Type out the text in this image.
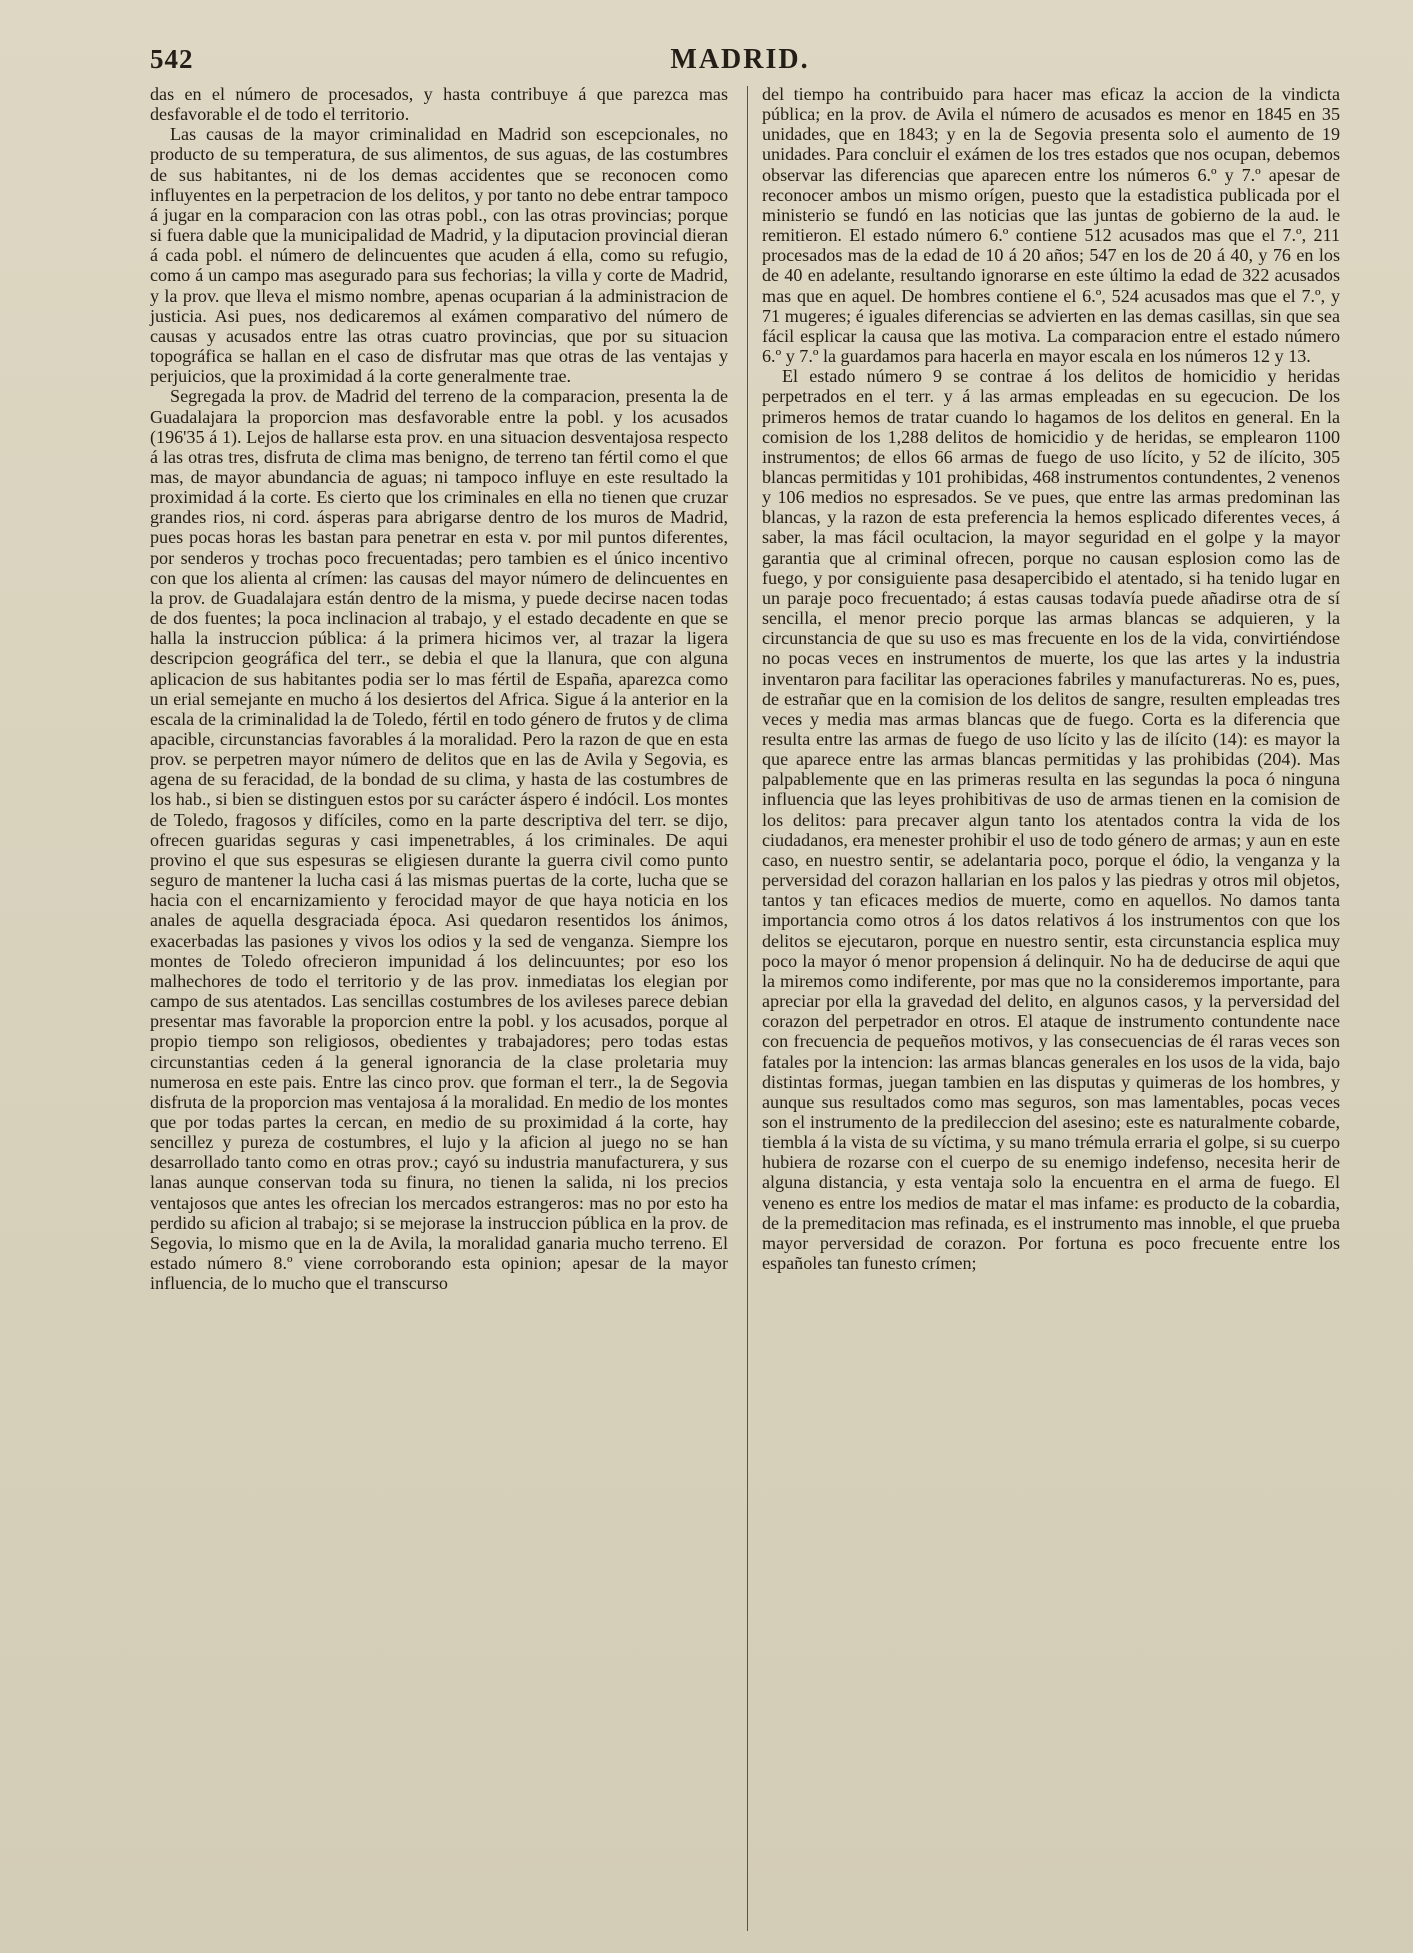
542	MADRID.

das en el número de procesados, y hasta contribuye á que parezca mas desfavorable el de todo el territorio.

Las causas de la mayor criminalidad en Madrid son escepcionales, no producto de su temperatura, de sus alimentos, de sus aguas, de las costumbres de sus habitantes, ni de los demas accidentes que se reconocen como influyentes en la perpetracion de los delitos, y por tanto no debe entrar tampoco á jugar en la comparacion con las otras pobl., con las otras provincias; porque si fuera dable que la municipalidad de Madrid, y la diputacion provincial dieran á cada pobl. el número de delincuentes que acuden á ella, como su refugio, como á un campo mas asegurado para sus fechorias; la villa y corte de Madrid, y la prov. que lleva el mismo nombre, apenas ocuparian á la administracion de justicia. Asi pues, nos dedicaremos al exámen comparativo del número de causas y acusados entre las otras cuatro provincias, que por su situacion topográfica se hallan en el caso de disfrutar mas que otras de las ventajas y perjuicios, que la proximidad á la corte generalmente trae.

Segregada la prov. de Madrid del terreno de la comparacion, presenta la de Guadalajara la proporcion mas desfavorable entre la pobl. y los acusados (196'35 á 1). Lejos de hallarse esta prov. en una situacion desventajosa respecto á las otras tres, disfruta de clima mas benigno, de terreno tan fértil como el que mas, de mayor abundancia de aguas; ni tampoco influye en este resultado la proximidad á la corte. Es cierto que los criminales en ella no tienen que cruzar grandes rios, ni cord. ásperas para abrigarse dentro de los muros de Madrid, pues pocas horas les bastan para penetrar en esta v. por mil puntos diferentes, por senderos y trochas poco frecuentadas; pero tambien es el único incentivo con que los alienta al crímen: las causas del mayor número de delincuentes en la prov. de Guadalajara están dentro de la misma, y puede decirse nacen todas de dos fuentes; la poca inclinacion al trabajo, y el estado decadente en que se halla la instruccion pública: á la primera hicimos ver, al trazar la ligera descripcion geográfica del terr., se debia el que la llanura, que con alguna aplicacion de sus habitantes podia ser lo mas fértil de España, aparezca como un erial semejante en mucho á los desiertos del Africa. Sigue á la anterior en la escala de la criminalidad la de Toledo, fértil en todo género de frutos y de clima apacible, circunstancias favorables á la moralidad. Pero la razon de que en esta prov. se perpetren mayor número de delitos que en las de Avila y Segovia, es agena de su feracidad, de la bondad de su clima, y hasta de las costumbres de los hab., si bien se distinguen estos por su carácter áspero é indócil. Los montes de Toledo, fragosos y difíciles, como en la parte descriptiva del terr. se dijo, ofrecen guaridas seguras y casi impenetrables, á los criminales. De aqui provino el que sus espesuras se eligiesen durante la guerra civil como punto seguro de mantener la lucha casi á las mismas puertas de la corte, lucha que se hacia con el encarnizamiento y ferocidad mayor de que haya noticia en los anales de aquella desgraciada época. Asi quedaron resentidos los ánimos, exacerbadas las pasiones y vivos los odios y la sed de venganza. Siempre los montes de Toledo ofrecieron impunidad á los delincuuntes; por eso los malhechores de todo el territorio y de las prov. inmediatas los elegian por campo de sus atentados. Las sencillas costumbres de los avileses parece debian presentar mas favorable la proporcion entre la pobl. y los acusados, porque al propio tiempo son religiosos, obedientes y trabajadores; pero todas estas circunstantias ceden á la general ignorancia de la clase proletaria muy numerosa en este pais. Entre las cinco prov. que forman el terr., la de Segovia disfruta de la proporcion mas ventajosa á la moralidad. En medio de los montes que por todas partes la cercan, en medio de su proximidad á la corte, hay sencillez y pureza de costumbres, el lujo y la aficion al juego no se han desarrollado tanto como en otras prov.; cayó su industria manufacturera, y sus lanas aunque conservan toda su finura, no tienen la salida, ni los precios ventajosos que antes les ofrecian los mercados estrangeros: mas no por esto ha perdido su aficion al trabajo; si se mejorase la instruccion pública en la prov. de Segovia, lo mismo que en la de Avila, la moralidad ganaria mucho terreno. El estado número 8.º viene corroborando esta opinion; apesar de la mayor influencia, de lo mucho que el transcurso

del tiempo ha contribuido para hacer mas eficaz la accion de la vindicta pública; en la prov. de Avila el número de acusados es menor en 1845 en 35 unidades, que en 1843; y en la de Segovia presenta solo el aumento de 19 unidades. Para concluir el exámen de los tres estados que nos ocupan, debemos observar las diferencias que aparecen entre los números 6.º y 7.º apesar de reconocer ambos un mismo orígen, puesto que la estadistica publicada por el ministerio se fundó en las noticias que las juntas de gobierno de la aud. le remitieron. El estado número 6.º contiene 512 acusados mas que el 7.º, 211 procesados mas de la edad de 10 á 20 años; 547 en los de 20 á 40, y 76 en los de 40 en adelante, resultando ignorarse en este último la edad de 322 acusados mas que en aquel. De hombres contiene el 6.º, 524 acusados mas que el 7.º, y 71 mugeres; é iguales diferencias se advierten en las demas casillas, sin que sea fácil esplicar la causa que las motiva. La comparacion entre el estado número 6.º y 7.º la guardamos para hacerla en mayor escala en los números 12 y 13.

El estado número 9 se contrae á los delitos de homicidio y heridas perpetrados en el terr. y á las armas empleadas en su egecucion. De los primeros hemos de tratar cuando lo hagamos de los delitos en general. En la comision de los 1,288 delitos de homicidio y de heridas, se emplearon 1100 instrumentos; de ellos 66 armas de fuego de uso lícito, y 52 de ilícito, 305 blancas permitidas y 101 prohibidas, 468 instrumentos contundentes, 2 venenos y 106 medios no espresados. Se ve pues, que entre las armas predominan las blancas, y la razon de esta preferencia la hemos esplicado diferentes veces, á saber, la mas fácil ocultacion, la mayor seguridad en el golpe y la mayor garantia que al criminal ofrecen, porque no causan esplosion como las de fuego, y por consiguiente pasa desapercibido el atentado, si ha tenido lugar en un paraje poco frecuentado; á estas causas todavía puede añadirse otra de sí sencilla, el menor precio porque las armas blancas se adquieren, y la circunstancia de que su uso es mas frecuente en los de la vida, convirtiéndose no pocas veces en instrumentos de muerte, los que las artes y la industria inventaron para facilitar las operaciones fabriles y manufactureras. No es, pues, de estrañar que en la comision de los delitos de sangre, resulten empleadas tres veces y media mas armas blancas que de fuego. Corta es la diferencia que resulta entre las armas de fuego de uso lícito y las de ilícito (14): es mayor la que aparece entre las armas blancas permitidas y las prohibidas (204). Mas palpablemente que en las primeras resulta en las segundas la poca ó ninguna influencia que las leyes prohibitivas de uso de armas tienen en la comision de los delitos: para precaver algun tanto los atentados contra la vida de los ciudadanos, era menester prohibir el uso de todo género de armas; y aun en este caso, en nuestro sentir, se adelantaria poco, porque el ódio, la venganza y la perversidad del corazon hallarian en los palos y las piedras y otros mil objetos, tantos y tan eficaces medios de muerte, como en aquellos. No damos tanta importancia como otros á los datos relativos á los instrumentos con que los delitos se ejecutaron, porque en nuestro sentir, esta circunstancia esplica muy poco la mayor ó menor propension á delinquir. No ha de deducirse de aqui que la miremos como indiferente, por mas que no la consideremos importante, para apreciar por ella la gravedad del delito, en algunos casos, y la perversidad del corazon del perpetrador en otros. El ataque de instrumento contundente nace con frecuencia de pequeños motivos, y las consecuencias de él raras veces son fatales por la intencion: las armas blancas generales en los usos de la vida, bajo distintas formas, juegan tambien en las disputas y quimeras de los hombres, y aunque sus resultados como mas seguros, son mas lamentables, pocas veces son el instrumento de la predileccion del asesino; este es naturalmente cobarde, tiembla á la vista de su víctima, y su mano trémula erraria el golpe, si su cuerpo hubiera de rozarse con el cuerpo de su enemigo indefenso, necesita herir de alguna distancia, y esta ventaja solo la encuentra en el arma de fuego. El veneno es entre los medios de matar el mas infame: es producto de la cobardia, de la premeditacion mas refinada, es el instrumento mas innoble, el que prueba mayor perversidad de corazon. Por fortuna es poco frecuente entre los españoles tan funesto crímen;
